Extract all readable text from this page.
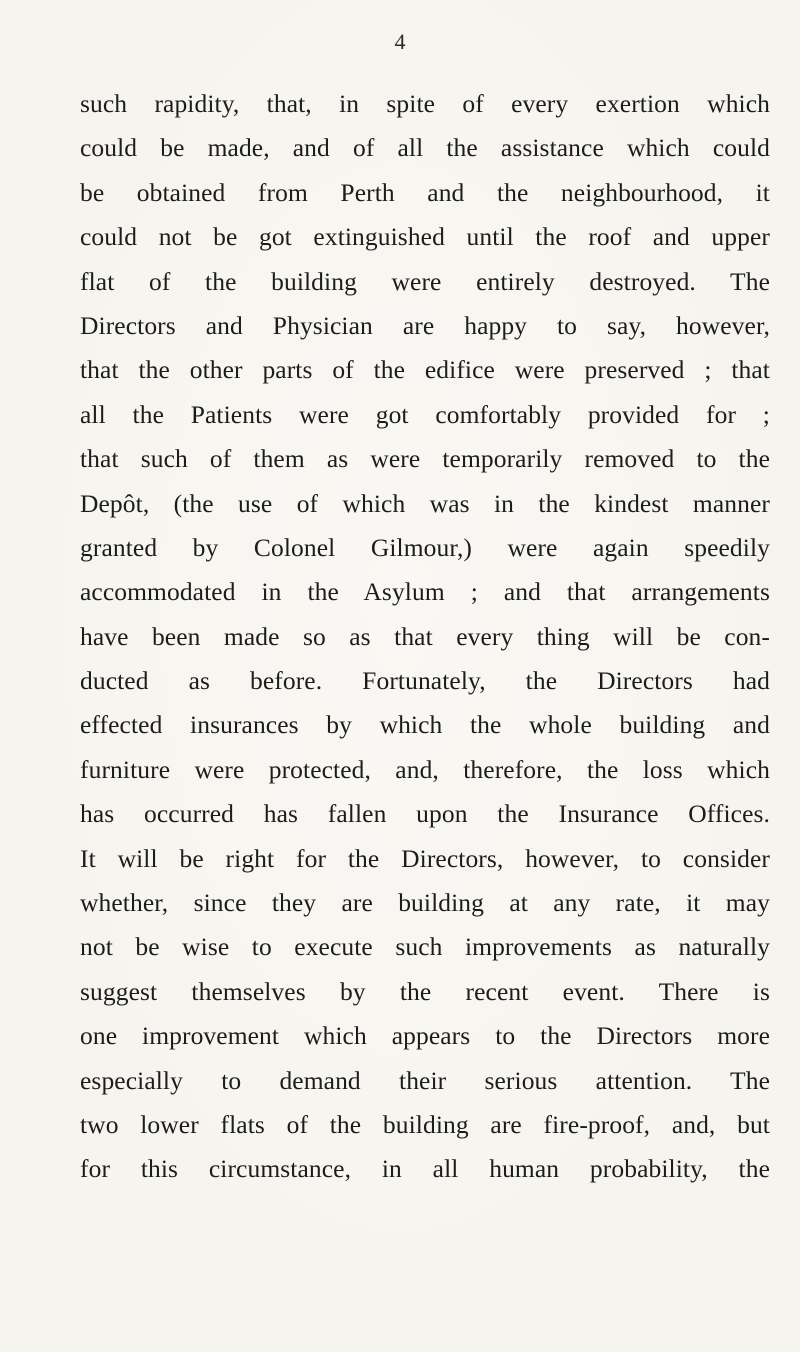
4
such rapidity, that, in spite of every exertion which
could be made, and of all the assistance which could
be obtained from Perth and the neighbourhood, it
could not be got extinguished until the roof and upper
flat of the building were entirely destroyed. The
Directors and Physician are happy to say, however,
that the other parts of the edifice were preserved ; that
all the Patients were got comfortably provided for ;
that such of them as were temporarily removed to the
Depôt, (the use of which was in the kindest manner
granted by Colonel Gilmour,) were again speedily
accommodated in the Asylum ; and that arrangements
have been made so as that every thing will be con-
ducted as before. Fortunately, the Directors had
effected insurances by which the whole building and
furniture were protected, and, therefore, the loss which
has occurred has fallen upon the Insurance Offices.
It will be right for the Directors, however, to consider
whether, since they are building at any rate, it may
not be wise to execute such improvements as naturally
suggest themselves by the recent event. There is
one improvement which appears to the Directors more
especially to demand their serious attention. The
two lower flats of the building are fire-proof, and, but
for this circumstance, in all human probability, the
